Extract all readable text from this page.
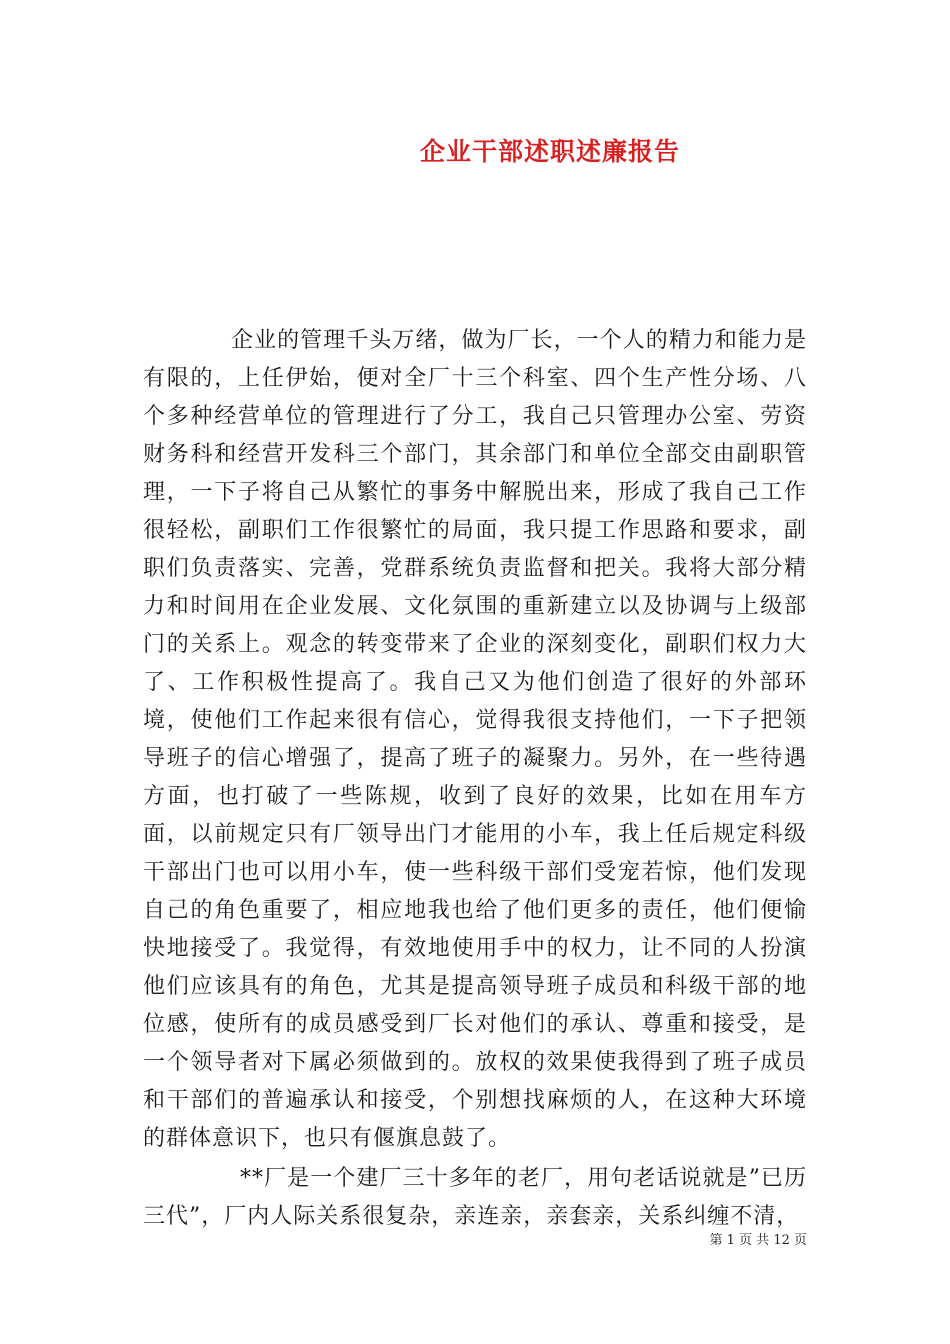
企业干部述职述廉报告

企业的管理千头万绪，做为厂长，一个人的精力和能力是有限的，上任伊始，便对全厂十三个科室、四个生产性分场、八个多种经营单位的管理进行了分工，我自己只管理办公室、劳资财务科和经营开发科三个部门，其余部门和单位全部交由副职管理，一下子将自己从繁忙的事务中解脱出来，形成了我自己工作很轻松，副职们工作很繁忙的局面，我只提工作思路和要求，副职们负责落实、完善，党群系统负责监督和把关。我将大部分精力和时间用在企业发展、文化氛围的重新建立以及协调与上级部门的关系上。观念的转变带来了企业的深刻变化，副职们权力大了、工作积极性提高了。我自己又为他们创造了很好的外部环境，使他们工作起来很有信心，觉得我很支持他们，一下子把领导班子的信心增强了，提高了班子的凝聚力。另外，在一些待遇方面，也打破了一些陈规，收到了良好的效果，比如在用车方面，以前规定只有厂领导出门才能用的小车，我上任后规定科级干部出门也可以用小车，使一些科级干部们受宠若惊，他们发现自己的角色重要了，相应地我也给了他们更多的责任，他们便愉快地接受了。我觉得，有效地使用手中的权力，让不同的人扮演他们应该具有的角色，尤其是提高领导班子成员和科级干部的地位感，使所有的成员感受到厂长对他们的承认、尊重和接受，是一个领导者对下属必须做到的。放权的效果使我得到了班子成员和干部们的普遍承认和接受，个别想找麻烦的人，在这种大环境的群体意识下，也只有偃旗息鼓了。

**厂是一个建厂三十多年的老厂，用句老话说就是”已历三代”，厂内人际关系很复杂，亲连亲，亲套亲，关系纠缠不清，

第 1 页 共 12 页
